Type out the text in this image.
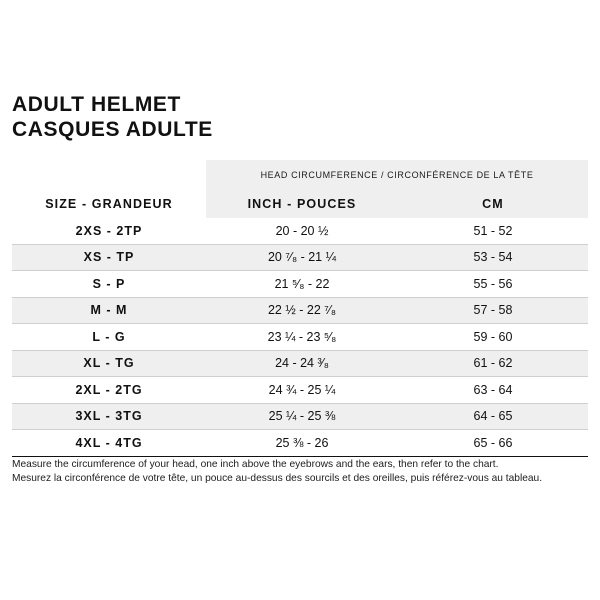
ADULT HELMET
CASQUES ADULTE
	HEAD CIRCUMFERENCE / CIRCONFÉRENCE DE LA TÊTE	
SIZE - GRANDEUR	INCH - POUCES	CM
2XS - 2TP	20 - 20 ½	51 - 52
XS - TP	20 ⁷⁄₈ - 21 ¼	53 - 54
S - P	21 ⁵⁄₈ - 22	55 - 56
M - M	22 ½ - 22 ⁷⁄₈	57 - 58
L - G	23 ¼ - 23 ⁵⁄₈	59 - 60
XL - TG	24 - 24 ³⁄₈	61 - 62
2XL - 2TG	24 ¾ - 25 ¼	63 - 64
3XL - 3TG	25 ¼ - 25 ⅜	64 - 65
4XL - 4TG	25 ⅜ - 26	65 - 66
Measure the circumference of your head, one inch above the eyebrows and the ears, then refer to the chart.
Mesurez la circonférence de votre tête, un pouce au-dessus des sourcils et des oreilles, puis référez-vous au tableau.
